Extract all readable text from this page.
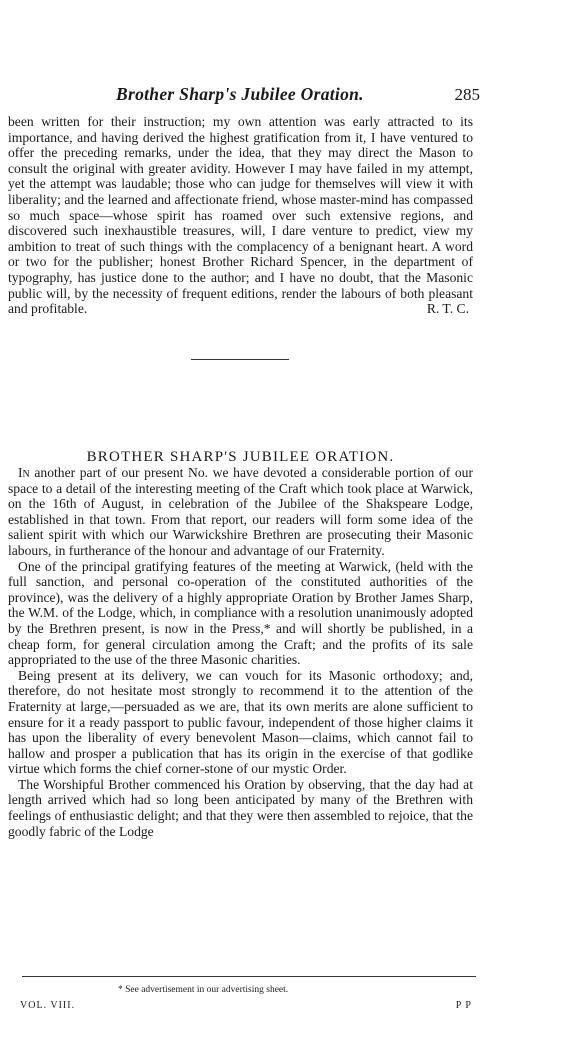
Brother Sharp's Jubilee Oration.	285

been written for their instruction; my own attention was early attracted to its importance, and having derived the highest gratification from it, I have ventured to offer the preceding remarks, under the idea, that they may direct the Mason to consult the original with greater avidity. However I may have failed in my attempt, yet the attempt was laudable; those who can judge for themselves will view it with liberality; and the learned and affectionate friend, whose master-mind has compassed so much space—whose spirit has roamed over such extensive regions, and discovered such inexhaustible treasures, will, I dare venture to predict, view my ambition to treat of such things with the complacency of a benignant heart. A word or two for the publisher; honest Brother Richard Spencer, in the department of typography, has justice done to the author; and I have no doubt, that the Masonic public will, by the necessity of frequent editions, render the labours of both pleasant and profitable.	R. T. C.

BROTHER SHARP'S JUBILEE ORATION.

In another part of our present No. we have devoted a considerable portion of our space to a detail of the interesting meeting of the Craft which took place at Warwick, on the 16th of August, in celebration of the Jubilee of the Shakspeare Lodge, established in that town. From that report, our readers will form some idea of the salient spirit with which our Warwickshire Brethren are prosecuting their Masonic labours, in furtherance of the honour and advantage of our Fraternity.

One of the principal gratifying features of the meeting at Warwick, (held with the full sanction, and personal co-operation of the constituted authorities of the province), was the delivery of a highly appropriate Oration by Brother James Sharp, the W.M. of the Lodge, which, in compliance with a resolution unanimously adopted by the Brethren present, is now in the Press,* and will shortly be published, in a cheap form, for general circulation among the Craft; and the profits of its sale appropriated to the use of the three Masonic charities.

Being present at its delivery, we can vouch for its Masonic orthodoxy; and, therefore, do not hesitate most strongly to recommend it to the attention of the Fraternity at large,—persuaded as we are, that its own merits are alone sufficient to ensure for it a ready passport to public favour, independent of those higher claims it has upon the liberality of every benevolent Mason—claims, which cannot fail to hallow and prosper a publication that has its origin in the exercise of that godlike virtue which forms the chief corner-stone of our mystic Order.

The Worshipful Brother commenced his Oration by observing, that the day had at length arrived which had so long been anticipated by many of the Brethren with feelings of enthusiastic delight; and that they were then assembled to rejoice, that the goodly fabric of the Lodge

* See advertisement in our advertising sheet.
VOL. VIII.	P P
